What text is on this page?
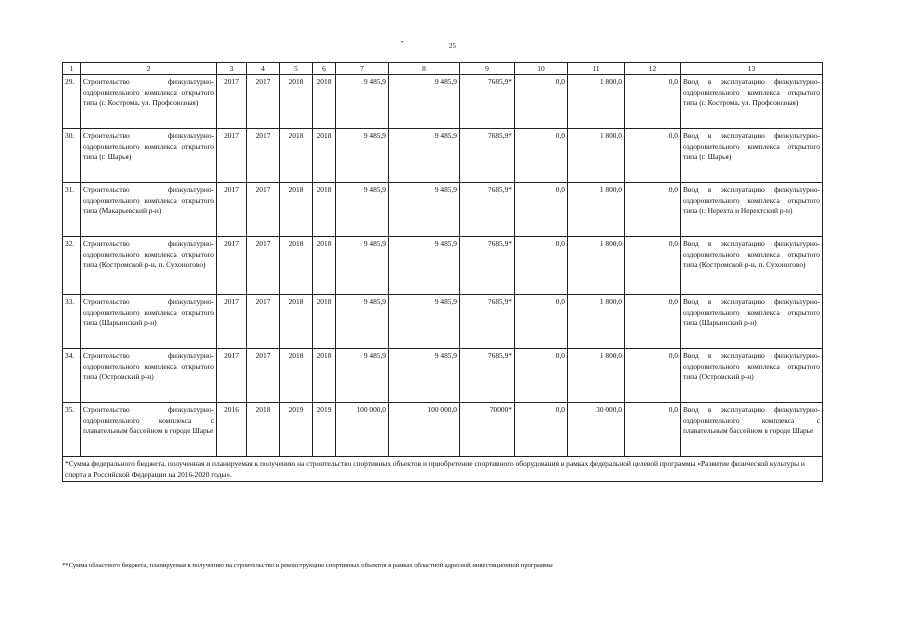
•	25
1	2	3	4	5	6	7	8	9	10	11	12	13
29.	Строительство физкультурно-оздоровительного комплекса открытого типа (г. Кострома, ул. Профсоюзная)	2017	2017	2018	2018	9 485,9	9 485,9	7685,9*	0,0	1 800,0	0,0	Ввод в эксплуатацию физкультурно-оздоровительного комплекса открытого типа (г. Кострома, ул. Профсоюзная)
30.	Строительство физкультурно-оздоровительного комплекса открытого типа (г. Шарья)	2017	2017	2018	2018	9 485,9	9 485,9	7685,9*	0,0	1 800,0	0,0	Ввод в эксплуатацию физкультурно-оздоровительного комплекса открытого типа (г. Шарья)
31.	Строительство физкультурно-оздоровительного комплекса открытого типа (Макарьевский р-н)	2017	2017	2018	2018	9 485,9	9 485,9	7685,9*	0,0	1 800,0	0,0	Ввод в эксплуатацию физкультурно-оздоровительного комплекса открытого типа (г. Нерехта и Нерехтский р-н)
32.	Строительство физкультурно-оздоровительного комплекса открытого типа (Костромской р-н, п. Сухоногово)	2017	2017	2018	2018	9 485,9	9 485,9	7685,9*	0,0	1 800,0	0,0	Ввод в эксплуатацию физкультурно-оздоровительного комплекса открытого типа (Костромской р-н, п. Сухоногово)
33.	Строительство физкультурно-оздоровительного комплекса открытого типа (Шарьинский р-н)	2017	2017	2018	2018	9 485,9	9 485,9	7685,9*	0,0	1 800,0	0,0	Ввод в эксплуатацию физкультурно-оздоровительного комплекса открытого типа (Шарьинский р-н)
34.	Строительство физкультурно-оздоровительного комплекса открытого типа (Островский р-н)	2017	2017	2018	2018	9 485,9	9 485,9	7685,9*	0,0	1 800,0	0,0	Ввод в эксплуатацию физкультурно-оздоровительного комплекса открытого типа (Островский р-н)
35.	Строительство физкультурно-оздоровительного комплекса с плавательным бассейном в городе Шарье	2016	2018	2019	2019	100 000,0	100 000,0	70000*	0,0	30 000,0	0,0	Ввод в эксплуатацию физкультурно-оздоровительного комплекса с плавательным бассейном в городе Шарье
*Сумма федерального бюджета, полученная и планируемая к получению на строительство спортивных объектов и приобретение спортивного оборудования в рамках федеральной целевой программы «Развитие физической культуры и спорта в Российской Федерации на 2016-2020 годы».												
**Сумма областного бюджета, планируемая к получению на строительство и реконструкцию спортивных объектов в рамках областной адресной инвестиционной программы
